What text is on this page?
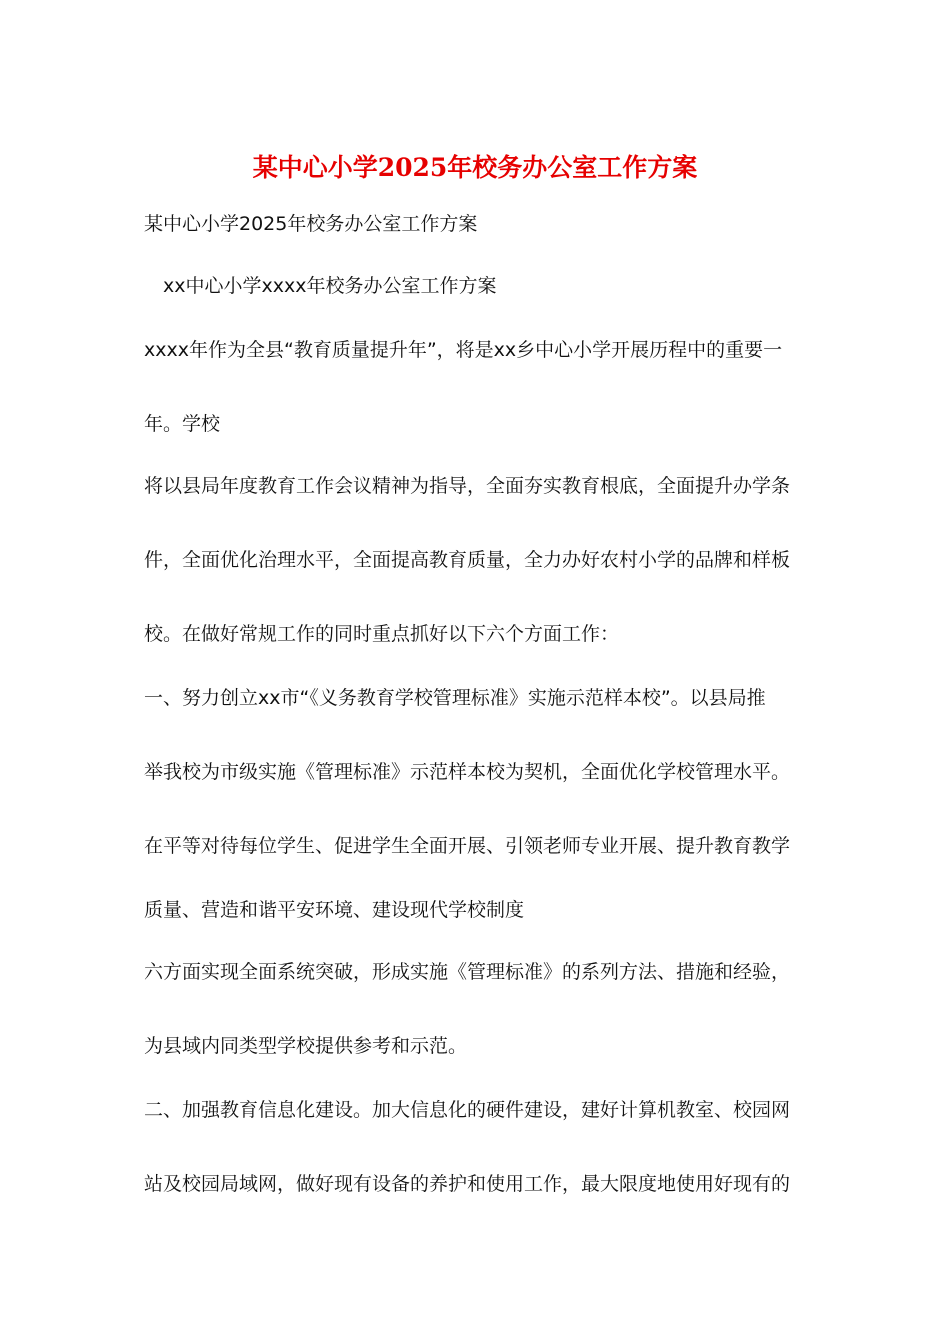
某中心小学2025年校务办公室工作方案
某中心小学2025年校务办公室工作方案
xx中心小学xxxx年校务办公室工作方案
xxxx年作为全县“教育质量提升年”，将是xx乡中心小学开展历程中的重要一
年。学校
将以县局年度教育工作会议精神为指导，全面夯实教育根底，全面提升办学条
件，全面优化治理水平，全面提高教育质量，全力办好农村小学的品牌和样板
校。在做好常规工作的同时重点抓好以下六个方面工作：
一、努力创立xx市“《义务教育学校管理标准》实施示范样本校”。以县局推
举我校为市级实施《管理标准》示范样本校为契机，全面优化学校管理水平。
在平等对待每位学生、促进学生全面开展、引领老师专业开展、提升教育教学
质量、营造和谐平安环境、建设现代学校制度
六方面实现全面系统突破，形成实施《管理标准》的系列方法、措施和经验，
为县域内同类型学校提供参考和示范。
二、加强教育信息化建设。加大信息化的硬件建设，建好计算机教室、校园网
站及校园局域网，做好现有设备的养护和使用工作，最大限度地使用好现有的
